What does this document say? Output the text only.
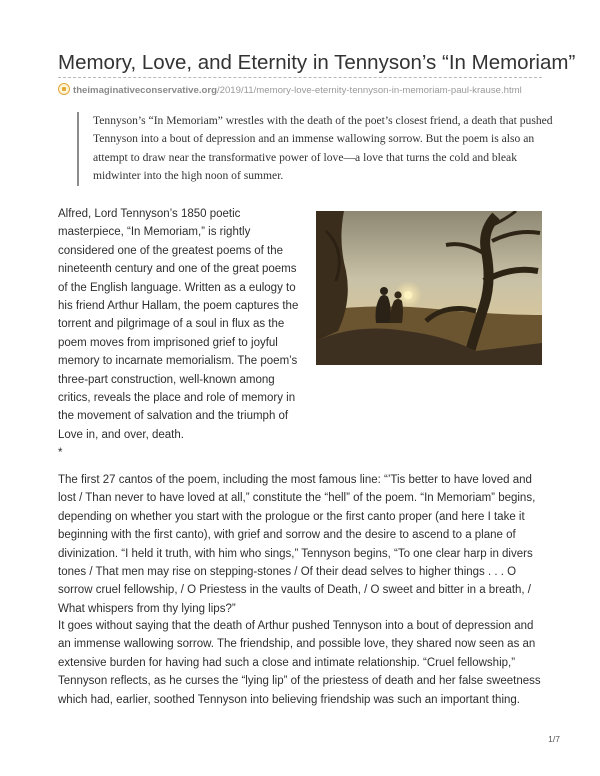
Memory, Love, and Eternity in Tennyson’s “In Memoriam”
theimaginativeconservative.org/2019/11/memory-love-eternity-tennyson-in-memoriam-paul-krause.html
Tennyson’s “In Memoriam” wrestles with the death of the poet’s closest friend, a death that pushed Tennyson into a bout of depression and an immense wallowing sorrow. But the poem is also an attempt to draw near the transformative power of love—a love that turns the cold and bleak midwinter into the high noon of summer.
Alfred, Lord Tennyson’s 1850 poetic masterpiece, “In Memoriam,” is rightly considered one of the greatest poems of the nineteenth century and one of the great poems of the English language. Written as a eulogy to his friend Arthur Hallam, the poem captures the torrent and pilgrimage of a soul in flux as the poem moves from imprisoned grief to joyful memory to incarnate memorialism. The poem’s three-part construction, well-known among critics, reveals the place and role of memory in the movement of salvation and the triumph of Love in, and over, death.
*
The first 27 cantos of the poem, including the most famous line: “’Tis better to have loved and lost / Than never to have loved at all,” constitute the “hell” of the poem. “In Memoriam” begins, depending on whether you start with the prologue or the first canto proper (and here I take it beginning with the first canto), with grief and sorrow and the desire to ascend to a plane of divinization. “I held it truth, with him who sings,” Tennyson begins, “To one clear harp in divers tones / That men may rise on stepping-stones / Of their dead selves to higher things . . . O sorrow cruel fellowship, / O Priestess in the vaults of Death, / O sweet and bitter in a breath, / What whispers from thy lying lips?”
It goes without saying that the death of Arthur pushed Tennyson into a bout of depression and an immense wallowing sorrow. The friendship, and possible love, they shared now seen as an extensive burden for having had such a close and intimate relationship. “Cruel fellowship,” Tennyson reflects, as he curses the “lying lip” of the priestess of death and her false sweetness which had, earlier, soothed Tennyson into believing friendship was such an important thing.
1/7
